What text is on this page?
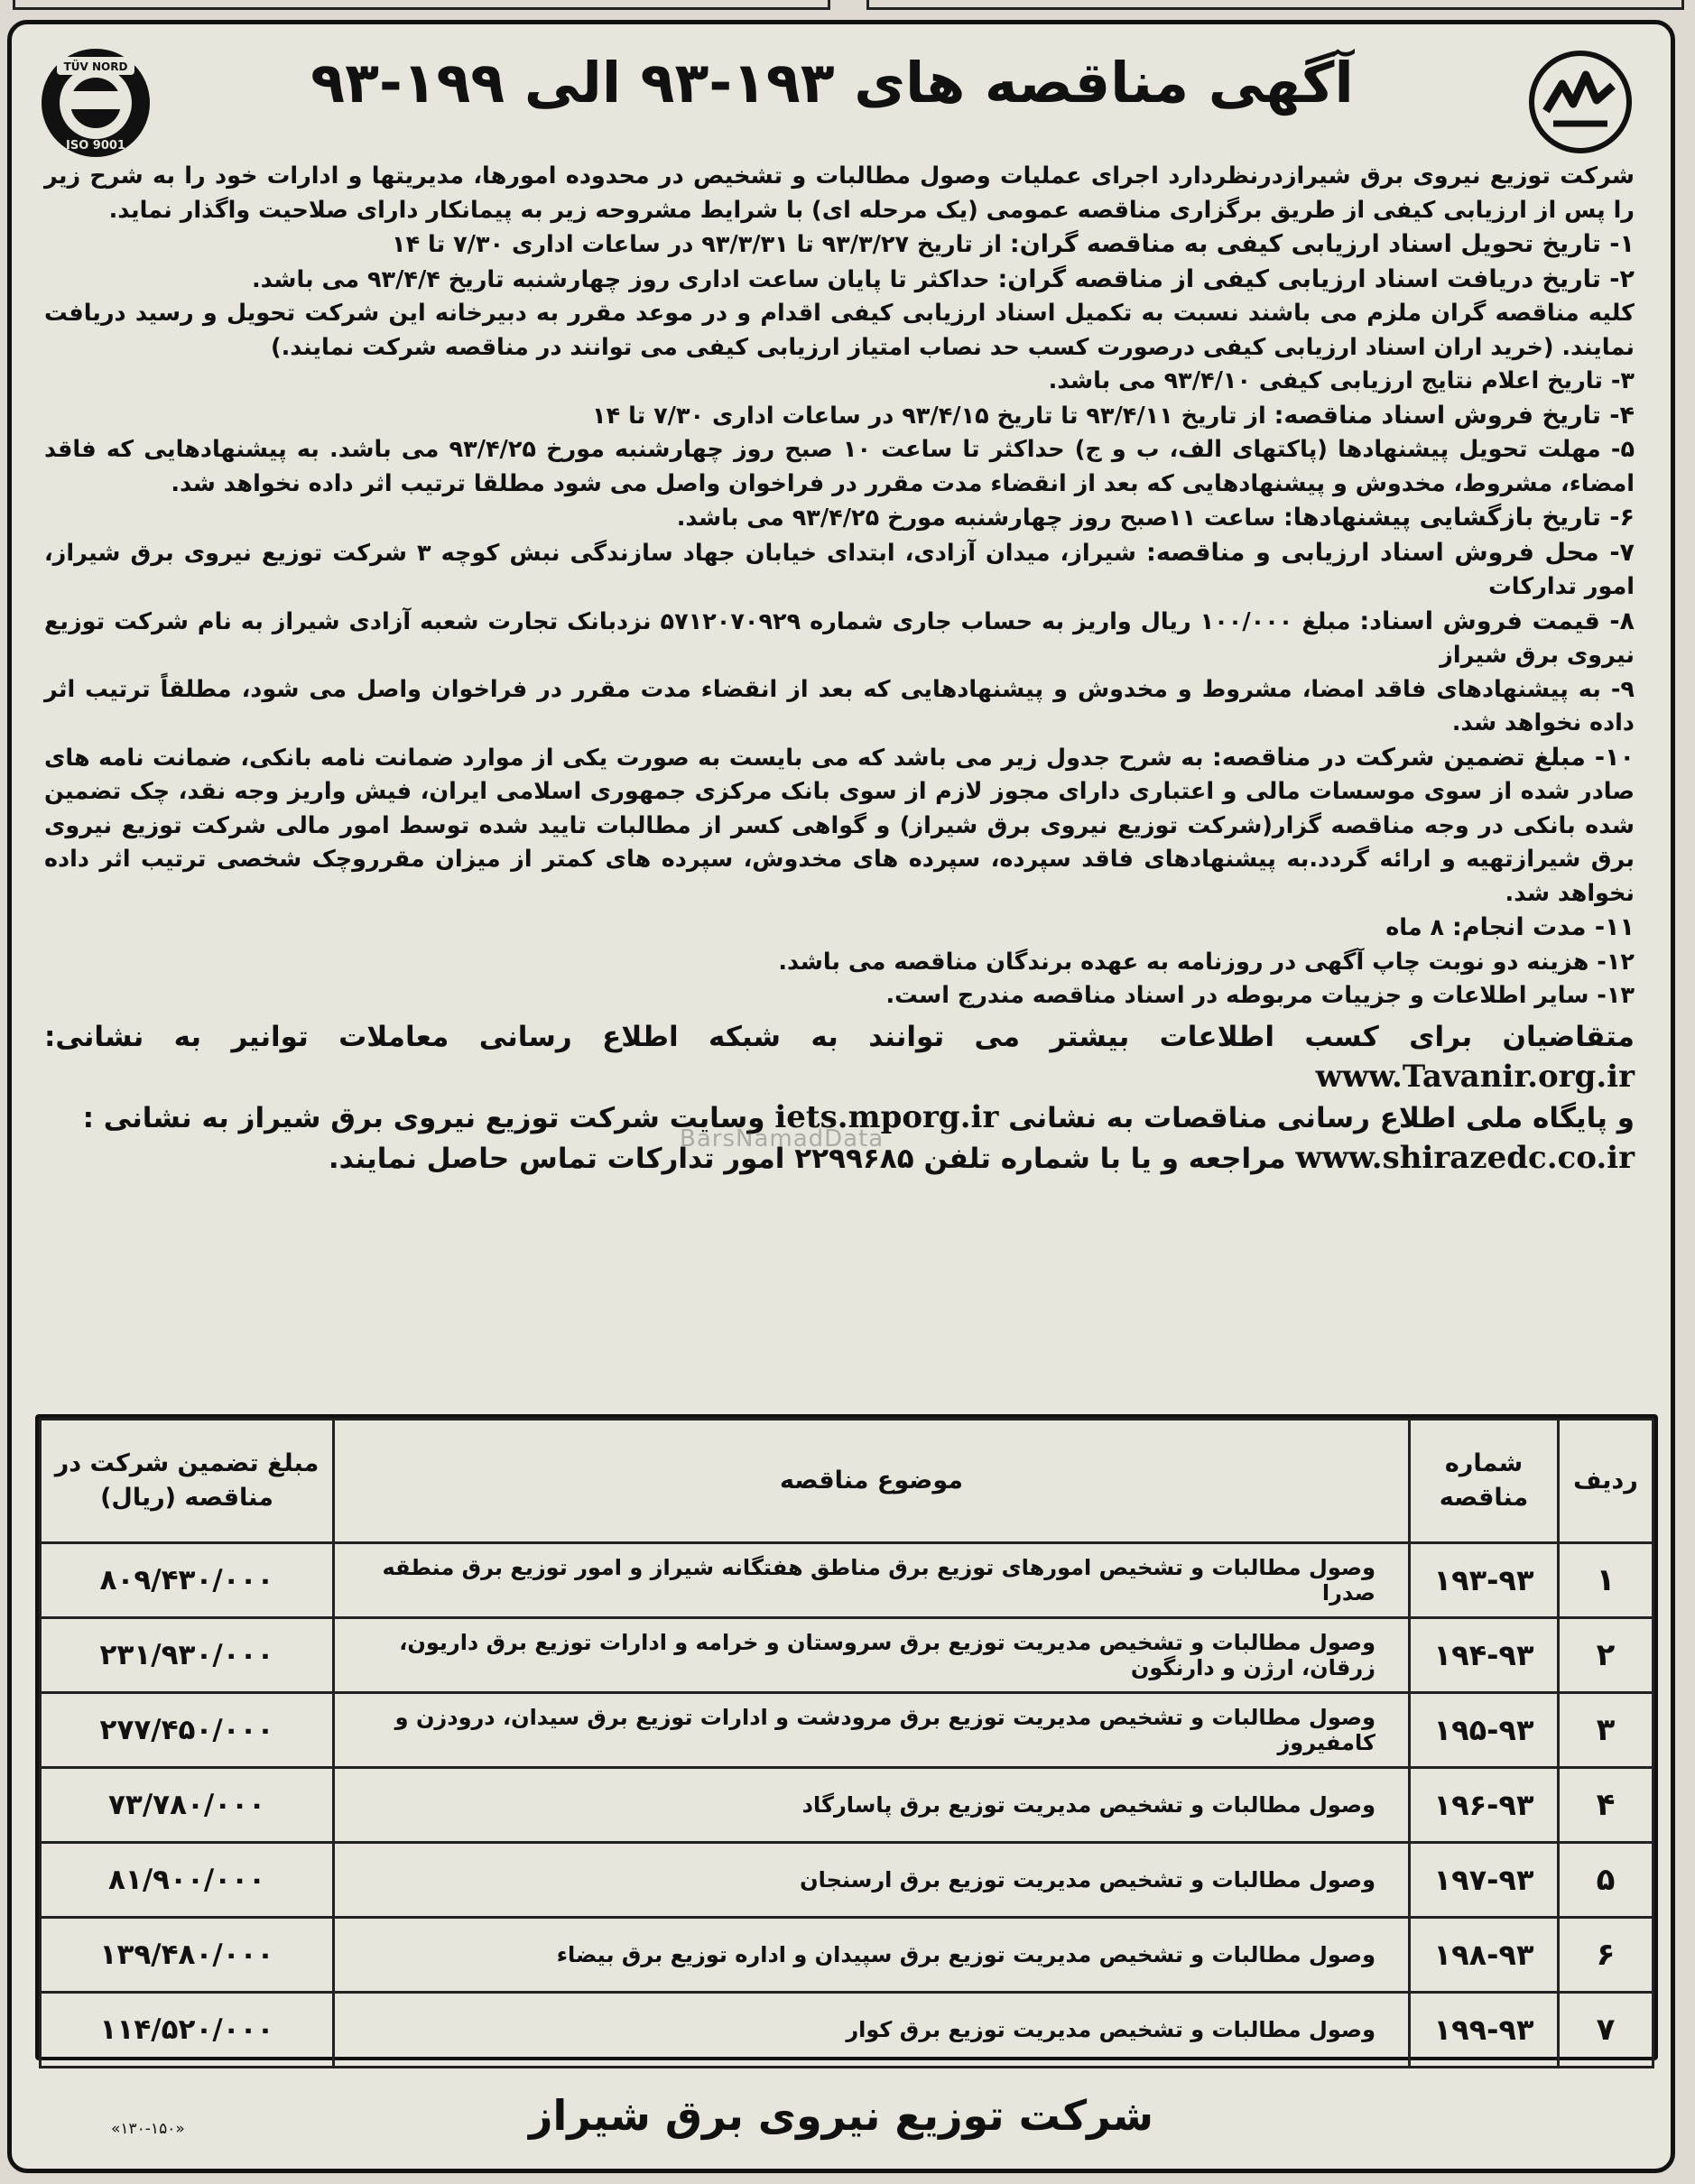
TÜV NORD
ISO 9001
آگهی مناقصه های ۱۹۳-۹۳ الی ۱۹۹-۹۳

شرکت توزیع نیروی برق شیرازدرنظردارد اجرای عملیات وصول مطالبات و تشخیص در محدوده امورها، مدیریتها و ادارات خود را به شرح زیر را پس از ارزیابی کیفی از طریق برگزاری مناقصه عمومی (یک مرحله ای) با شرایط مشروحه زیر به پیمانکار دارای صلاحیت واگذار نماید.

۱- تاریخ تحویل اسناد ارزیابی کیفی به مناقصه گران: از تاریخ ۹۳/۳/۲۷ تا ۹۳/۳/۳۱ در ساعات اداری ۷/۳۰ تا ۱۴

۲- تاریخ دریافت اسناد ارزیابی کیفی از مناقصه گران: حداکثر تا پایان ساعت اداری روز چهارشنبه تاریخ ۹۳/۴/۴ می باشد.

کلیه مناقصه گران ملزم می باشند نسبت به تکمیل اسناد ارزیابی کیفی اقدام و در موعد مقرر به دبیرخانه این شرکت تحویل و رسید دریافت نمایند. (خرید اران اسناد ارزیابی کیفی درصورت کسب حد نصاب امتیاز ارزیابی کیفی می توانند در مناقصه شرکت نمایند.)

۳- تاریخ اعلام نتایج ارزیابی کیفی ۹۳/۴/۱۰ می باشد.

۴- تاریخ فروش اسناد مناقصه: از تاریخ ۹۳/۴/۱۱ تا تاریخ ۹۳/۴/۱۵ در ساعات اداری ۷/۳۰ تا ۱۴

۵- مهلت تحویل پیشنهادها (پاکتهای الف، ب و ج) حداکثر تا ساعت ۱۰ صبح روز چهارشنبه مورخ ۹۳/۴/۲۵ می باشد. به پیشنهادهایی که فاقد امضاء، مشروط، مخدوش و پیشنهادهایی که بعد از انقضاء مدت مقرر در فراخوان واصل می شود مطلقا ترتیب اثر داده نخواهد شد.

۶- تاریخ بازگشایی پیشنهادها: ساعت ۱۱صبح روز چهارشنبه مورخ ۹۳/۴/۲۵ می باشد.

۷- محل فروش اسناد ارزیابی و مناقصه: شیراز، میدان آزادی، ابتدای خیابان جهاد سازندگی نبش کوچه ۳ شرکت توزیع نیروی برق شیراز، امور تدارکات

۸- قیمت فروش اسناد: مبلغ ۱۰۰/۰۰۰ ریال واریز به حساب جاری شماره ۵۷۱۲۰۷۰۹۲۹ نزدبانک تجارت شعبه آزادی شیراز به نام شرکت توزیع نیروی برق شیراز

۹- به پیشنهادهای فاقد امضا، مشروط و مخدوش و پیشنهادهایی که بعد از انقضاء مدت مقرر در فراخوان واصل می شود، مطلقاً ترتیب اثر داده نخواهد شد.

۱۰- مبلغ تضمین شرکت در مناقصه: به شرح جدول زیر می باشد که می بایست به صورت یکی از موارد ضمانت نامه بانکی، ضمانت نامه های صادر شده از سوی موسسات مالی و اعتباری دارای مجوز لازم از سوی بانک مرکزی جمهوری اسلامی ایران، فیش واریز وجه نقد، چک تضمین شده بانکی در وجه مناقصه گزار(شرکت توزیع نیروی برق شیراز) و گواهی کسر از مطالبات تایید شده توسط امور مالی شرکت توزیع نیروی برق شیرازتهیه و ارائه گردد.به پیشنهادهای فاقد سپرده، سپرده های مخدوش، سپرده های کمتر از میزان مقرروچک شخصی ترتیب اثر داده نخواهد شد.

۱۱- مدت انجام: ۸ ماه

۱۲- هزینه دو نوبت چاپ آگهی در روزنامه به عهده برندگان مناقصه می باشد.

۱۳- سایر اطلاعات و جزییات مربوطه در اسناد مناقصه مندرج است.

متقاضیان برای کسب اطلاعات بیشتر می توانند به شبکه اطلاع رسانی معاملات توانیر به نشانی: www.Tavanir.org.ir

و پایگاه ملی اطلاع رسانی مناقصات به نشانی iets.mporg.ir وسایت شرکت توزیع نیروی برق شیراز به نشانی :

www.shirazedc.co.ir مراجعه و یا با شماره تلفن ۲۲۹۹۶۸۵ امور تدارکات تماس حاصل نمایند.

BarsNamadData
ردیف	شماره مناقصه	موضوع مناقصه	مبلغ تضمین شرکت در مناقصه (ریال)
۱	۱۹۳-۹۳	وصول مطالبات و تشخیص امورهای توزیع برق مناطق هفتگانه شیراز و امور توزیع برق منطقه صدرا	۸۰۹/۴۳۰/۰۰۰
۲	۱۹۴-۹۳	وصول مطالبات و تشخیص مدیریت توزیع برق سروستان و خرامه و ادارات توزیع برق داریون، زرقان، ارژن و دارنگون	۲۳۱/۹۳۰/۰۰۰
۳	۱۹۵-۹۳	وصول مطالبات و تشخیص مدیریت توزیع برق مرودشت و ادارات توزیع برق سیدان، درودزن و کامفیروز	۲۷۷/۴۵۰/۰۰۰
۴	۱۹۶-۹۳	وصول مطالبات و تشخیص مدیریت توزیع برق پاسارگاد	۷۳/۷۸۰/۰۰۰
۵	۱۹۷-۹۳	وصول مطالبات و تشخیص مدیریت توزیع برق ارسنجان	۸۱/۹۰۰/۰۰۰
۶	۱۹۸-۹۳	وصول مطالبات و تشخیص مدیریت توزیع برق سپیدان و اداره توزیع برق بیضاء	۱۳۹/۴۸۰/۰۰۰
۷	۱۹۹-۹۳	وصول مطالبات و تشخیص مدیریت توزیع برق کوار	۱۱۴/۵۲۰/۰۰۰
شرکت توزیع نیروی برق شیراز
«۱۳۰-۱۵۰»
